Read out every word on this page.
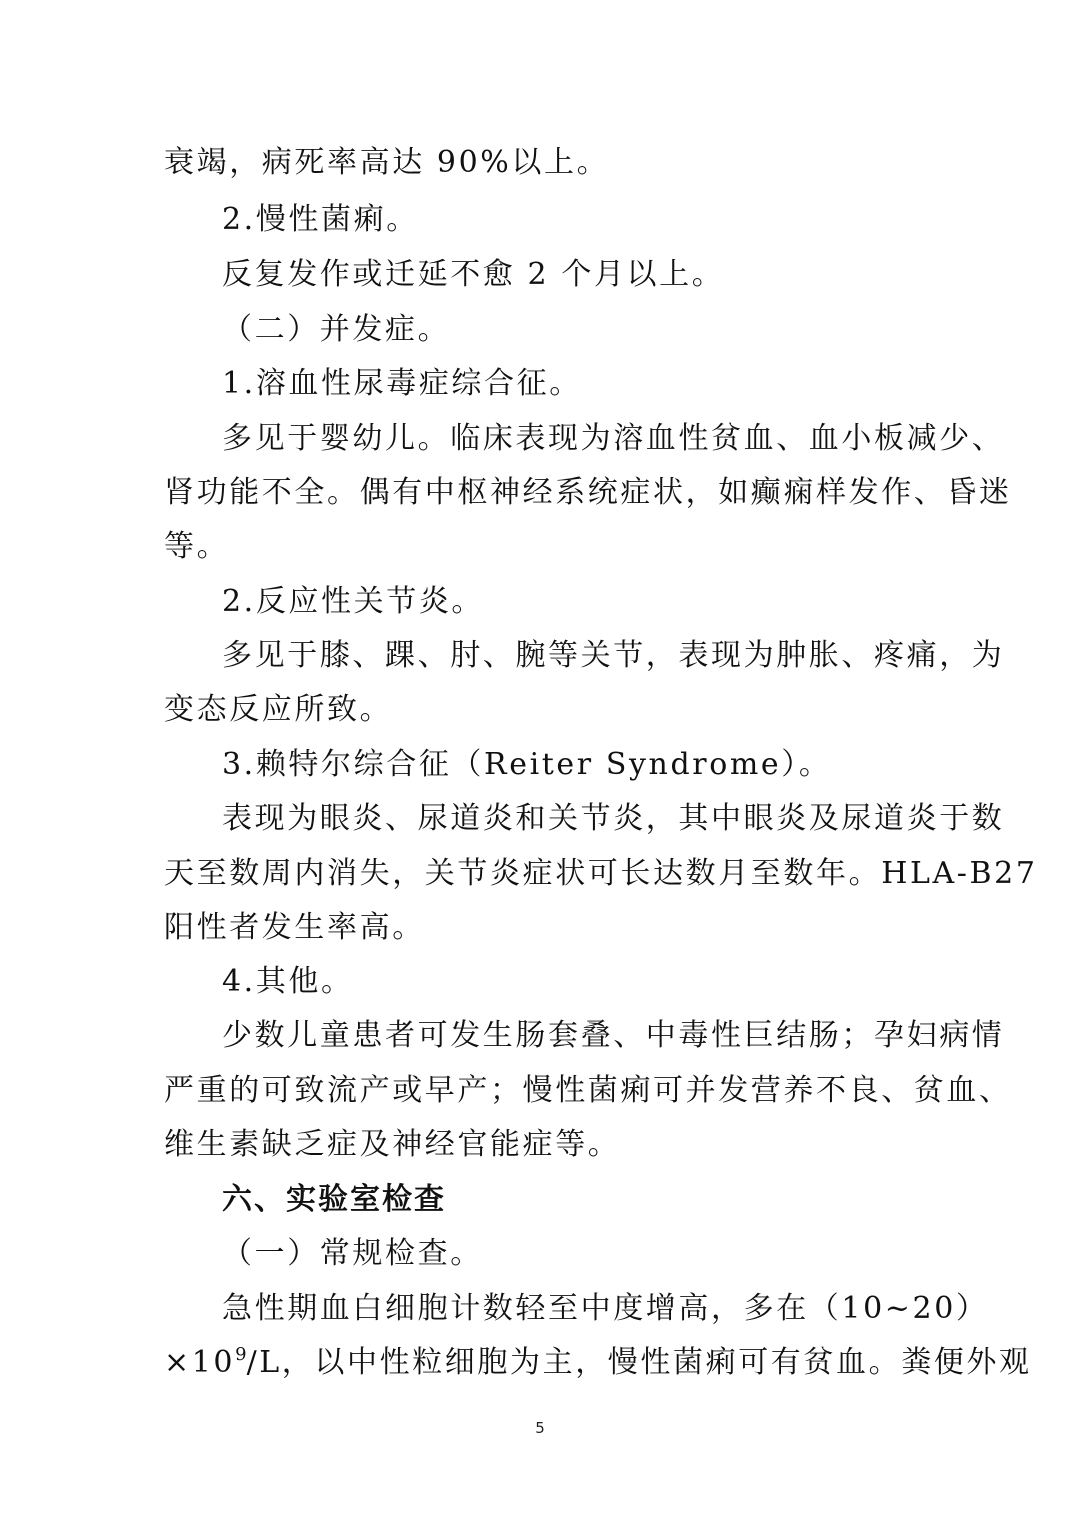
衰竭，病死率高达 90%以上。
2.慢性菌痢。
反复发作或迁延不愈 2 个月以上。
（二）并发症。
1.溶血性尿毒症综合征。
多见于婴幼儿。临床表现为溶血性贫血、血小板减少、
肾功能不全。偶有中枢神经系统症状，如癫痫样发作、昏迷
等。
2.反应性关节炎。
多见于膝、踝、肘、腕等关节，表现为肿胀、疼痛，为
变态反应所致。
3.赖特尔综合征（Reiter Syndrome）。
表现为眼炎、尿道炎和关节炎，其中眼炎及尿道炎于数
天至数周内消失，关节炎症状可长达数月至数年。HLA-B27
阳性者发生率高。
4.其他。
少数儿童患者可发生肠套叠、中毒性巨结肠；孕妇病情
严重的可致流产或早产；慢性菌痢可并发营养不良、贫血、
维生素缺乏症及神经官能症等。
六、实验室检查
（一）常规检查。
急性期血白细胞计数轻至中度增高，多在（10~20）
$\times 10^9/L$，以中性粒细胞为主，慢性菌痢可有贫血。粪便外观
5
